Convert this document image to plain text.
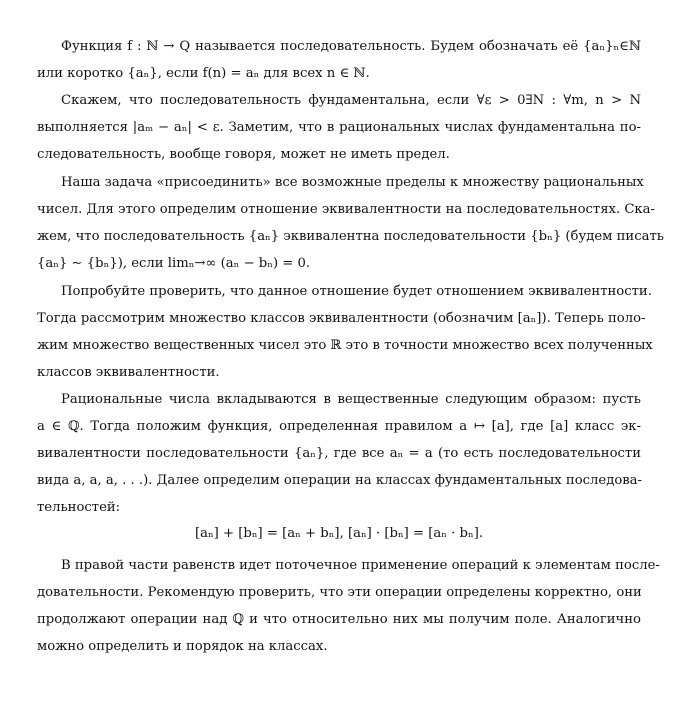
Функция f : ℕ → Q называется последовательность. Будем обозначать её {aₙ}ₙ∈ℕ
или коротко {aₙ}, если f(n) = aₙ для всех n ∈ ℕ.
Скажем, что последовательность фундаментальна, если ∀ε > 0∃N : ∀m, n > N
выполняется |aₘ − aₙ| < ε. Заметим, что в рациональных числах фундаментальна по-
следовательность, вообще говоря, может не иметь предел.
Наша задача «присоединить» все возможные пределы к множеству рациональных
чисел. Для этого определим отношение эквивалентности на последовательностях. Ска-
жем, что последовательность {aₙ} эквивалентна последовательности {bₙ} (будем писать
{aₙ} ∼ {bₙ}), если limₙ→∞ (aₙ − bₙ) = 0.
Попробуйте проверить, что данное отношение будет отношением эквивалентности.
Тогда рассмотрим множество классов эквивалентности (обозначим [aₙ]). Теперь поло-
жим множество вещественных чисел это ℝ это в точности множество всех полученных
классов эквивалентности.
Рациональные числа вкладываются в вещественные следующим образом: пусть
a ∈ ℚ. Тогда положим функция, определенная правилом a ↦ [a], где [a] класс эк-
вивалентности последовательности {aₙ}, где все aₙ = a (то есть последовательности
вида a, a, a, . . .). Далее определим операции на классах фундаментальных последова-
тельностей:
[aₙ] + [bₙ] = [aₙ + bₙ], [aₙ] · [bₙ] = [aₙ · bₙ].
В правой части равенств идет поточечное применение операций к элементам после-
довательности. Рекомендую проверить, что эти операции определены корректно, они
продолжают операции над ℚ и что относительно них мы получим поле. Аналогично
можно определить и порядок на классах.
